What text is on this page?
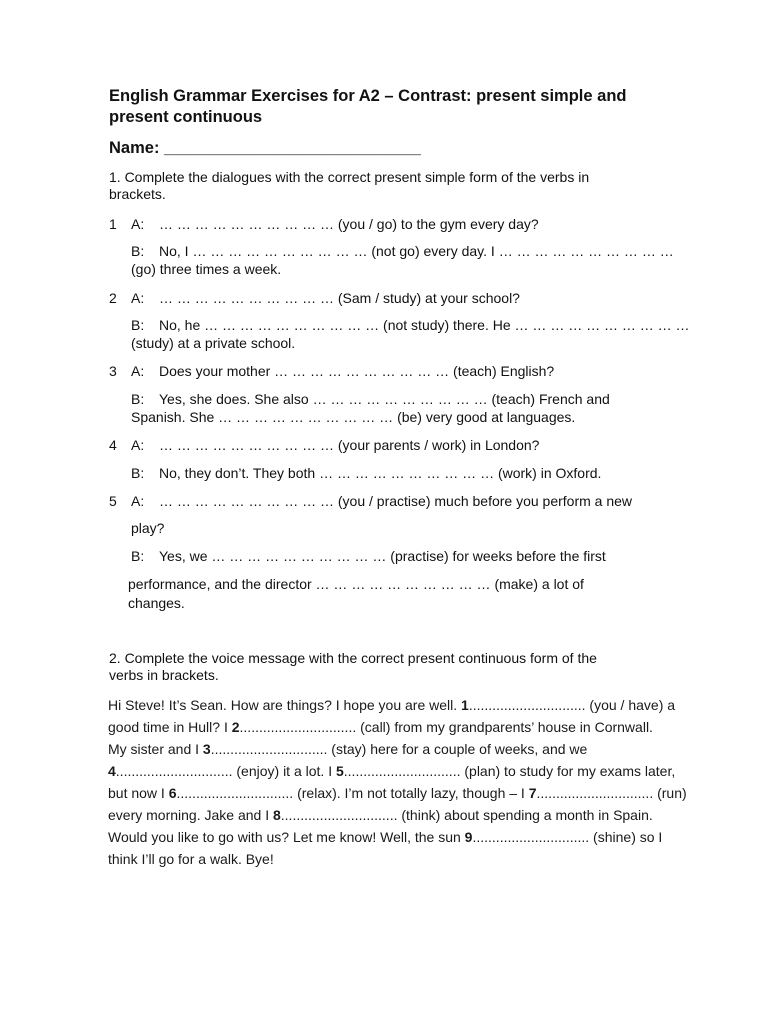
English Grammar Exercises for A2 – Contrast: present simple and present continuous
Name: ____________________________
1. Complete the dialogues with the correct present simple form of the verbs in
brackets.
1 A: … … … … … … … … … … (you / go) to the gym every day?
B: No, I … … … … … … … … … … (not go) every day. I … … … … … … … … … …
(go) three times a week.
2 A: … … … … … … … … … … (Sam / study) at your school?
B: No, he … … … … … … … … … … (not study) there. He … … … … … … … … … …
(study) at a private school.
3 A: Does your mother … … … … … … … … … … (teach) English?
B: Yes, she does. She also … … … … … … … … … … (teach) French and
Spanish. She … … … … … … … … … … (be) very good at languages.
4 A: … … … … … … … … … … (your parents / work) in London?
B: No, they don’t. They both … … … … … … … … … … (work) in Oxford.
5 A: … … … … … … … … … … (you / practise) much before you perform a new
play?
B: Yes, we … … … … … … … … … … (practise) for weeks before the first
performance, and the director … … … … … … … … … … (make) a lot of
changes.
2. Complete the voice message with the correct present continuous form of the
verbs in brackets.
Hi Steve! It’s Sean. How are things? I hope you are well. 1.............................. (you / have) a
good time in Hull? I 2.............................. (call) from my grandparents’ house in Cornwall.
My sister and I 3.............................. (stay) here for a couple of weeks, and we
4.............................. (enjoy) it a lot. I 5.............................. (plan) to study for my exams later,
but now I 6.............................. (relax). I’m not totally lazy, though – I 7.............................. (run)
every morning. Jake and I 8.............................. (think) about spending a month in Spain.
Would you like to go with us? Let me know! Well, the sun 9.............................. (shine) so I
think I’ll go for a walk. Bye!
